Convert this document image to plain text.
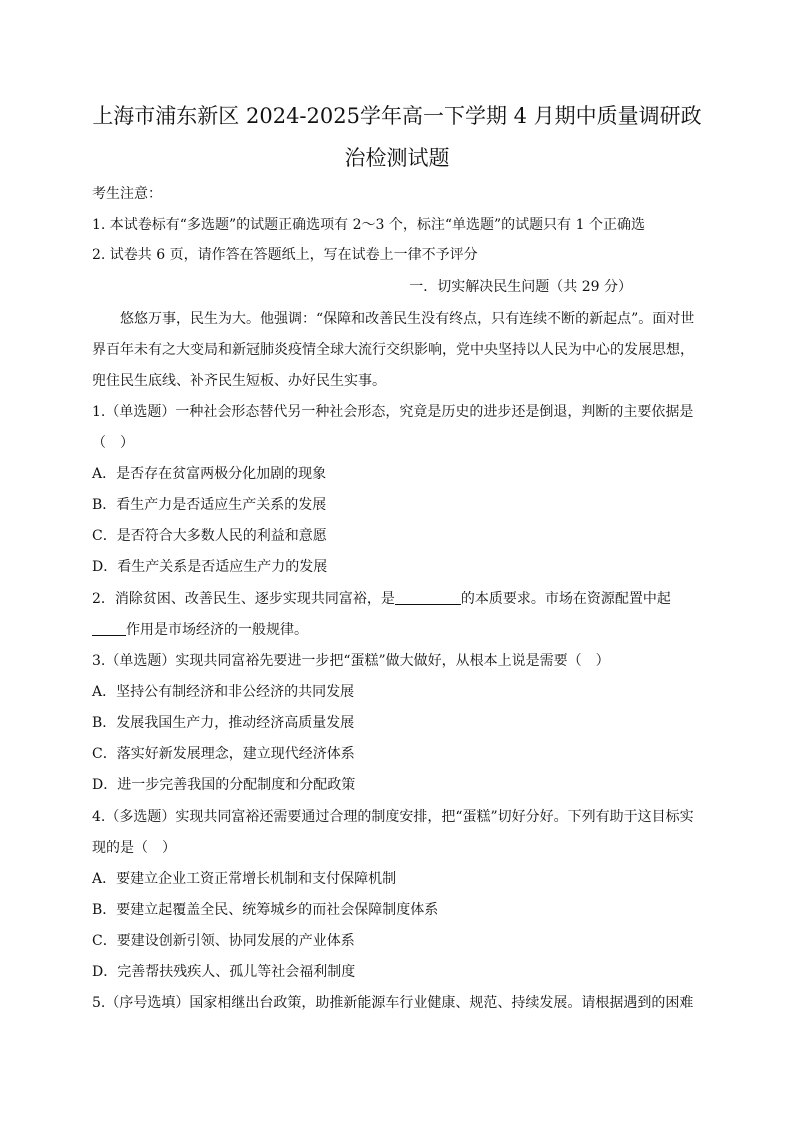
上海市浦东新区 2024-2025学年高一下学期 4 月期中质量调研政
治检测试题
考生注意：
1. 本试卷标有“多选题”的试题正确选项有 2～3 个，标注“单选题”的试题只有 1 个正确选
2. 试卷共 6 页，请作答在答题纸上，写在试卷上一律不予评分
一．切实解决民生问题（共 29 分）
悠悠万事，民生为大。他强调：“保障和改善民生没有终点，只有连续不断的新起点”。面对世
界百年未有之大变局和新冠肺炎疫情全球大流行交织影响，党中央坚持以人民为中心的发展思想，
兜住民生底线、补齐民生短板、办好民生实事。
1.（单选题）一种社会形态替代另一种社会形态，究竟是历史的进步还是倒退，判断的主要依据是
（　）
A．是否存在贫富两极分化加剧的现象
B．看生产力是否适应生产关系的发展
C．是否符合大多数人民的利益和意愿
D．看生产关系是否适应生产力的发展
2．消除贫困、改善民生、逐步实现共同富裕，是	的本质要求。市场在资源配置中起
作用是市场经济的一般规律。
3.（单选题）实现共同富裕先要进一步把“蛋糕”做大做好，从根本上说是需要（　）
A．坚持公有制经济和非公经济的共同发展
B．发展我国生产力，推动经济高质量发展
C．落实好新发展理念，建立现代经济体系
D．进一步完善我国的分配制度和分配政策
4.（多选题）实现共同富裕还需要通过合理的制度安排，把“蛋糕”切好分好。下列有助于这目标实
现的是（　）
A．要建立企业工资正常增长机制和支付保障机制
B．要建立起覆盖全民、统筹城乡的而社会保障制度体系
C．要建设创新引领、协同发展的产业体系
D．完善帮扶残疾人、孤儿等社会福利制度
5.（序号选填）国家相继出台政策，助推新能源车行业健康、规范、持续发展。请根据遇到的困难
